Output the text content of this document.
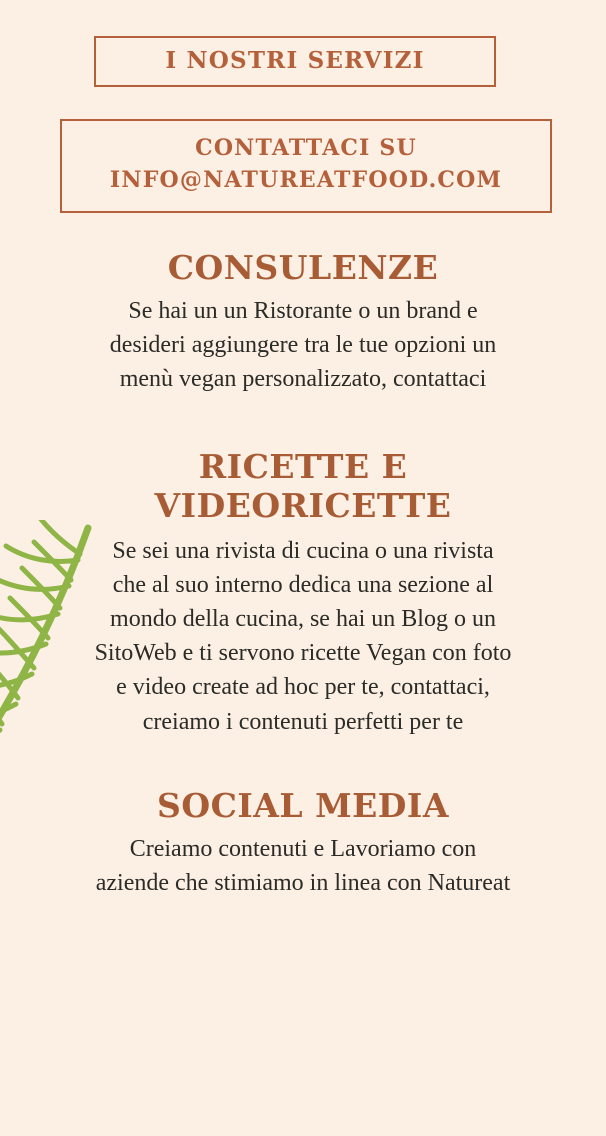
I NOSTRI SERVIZI
CONTATTACI SU
INFO@NATUREATFOOD.COM
CONSULENZE
Se hai un un Ristorante o un brand e desideri aggiungere tra le tue opzioni un menù vegan personalizzato, contattaci
RICETTE E VIDEORICETTE
Se sei una rivista di cucina o una rivista che al suo interno dedica una sezione al mondo della cucina, se hai un Blog o un SitoWeb e ti servono ricette Vegan con foto e video create ad hoc per te, contattaci, creiamo i contenuti perfetti per te
SOCIAL MEDIA
Creiamo contenuti e Lavoriamo con aziende che stimiamo in linea con Natureat
